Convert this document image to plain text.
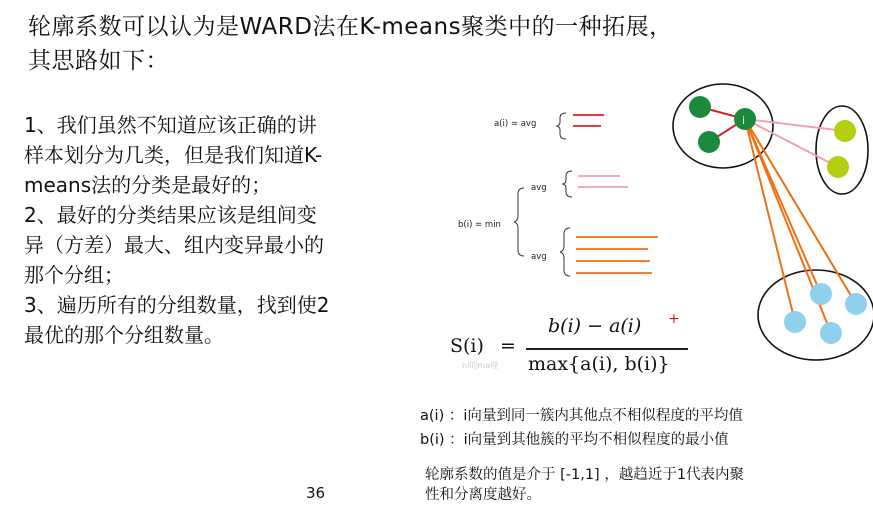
轮廓系数可以认为是WARD法在K-means聚类中的一种拓展，
其思路如下：
1、我们虽然不知道应该正确的讲
样本划分为几类，但是我们知道K-
means法的分类是最好的；
2、最好的分类结果应该是组间变
异（方差）最大、组内变异最小的
那个分组；
3、遍历所有的分组数量，找到使2
最优的那个分组数量。
a(i) = avg
avg
b(i) = min
avg
i
S(i) =
b(i) − a(i) +
max{a(i), b(i)}
ni的ma理
a(i) ：i向量到同一簇内其他点不相似程度的平均值
b(i) ：i向量到其他簇的平均不相似程度的最小值
轮廓系数的值是介于 [-1,1] ，越趋近于1代表内聚
性和分离度越好。
36
